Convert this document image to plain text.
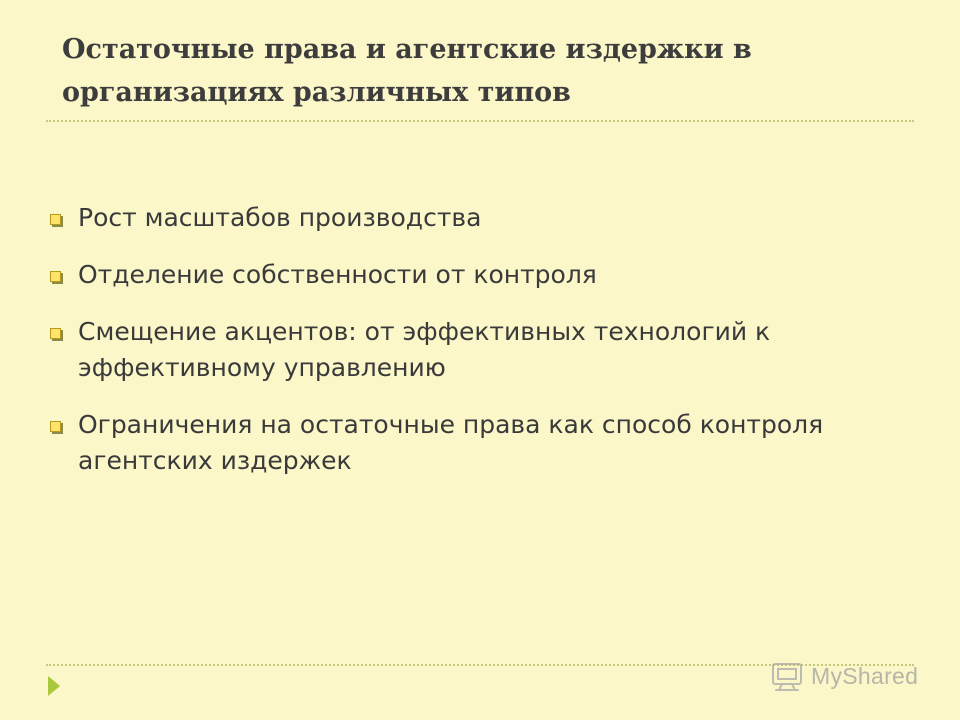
Остаточные права и агентские издержки в организациях различных типов
Рост масштабов производства
Отделение собственности от контроля
Смещение акцентов: от эффективных технологий к эффективному управлению
Ограничения на остаточные права как способ контроля агентских издержек
MyShared
